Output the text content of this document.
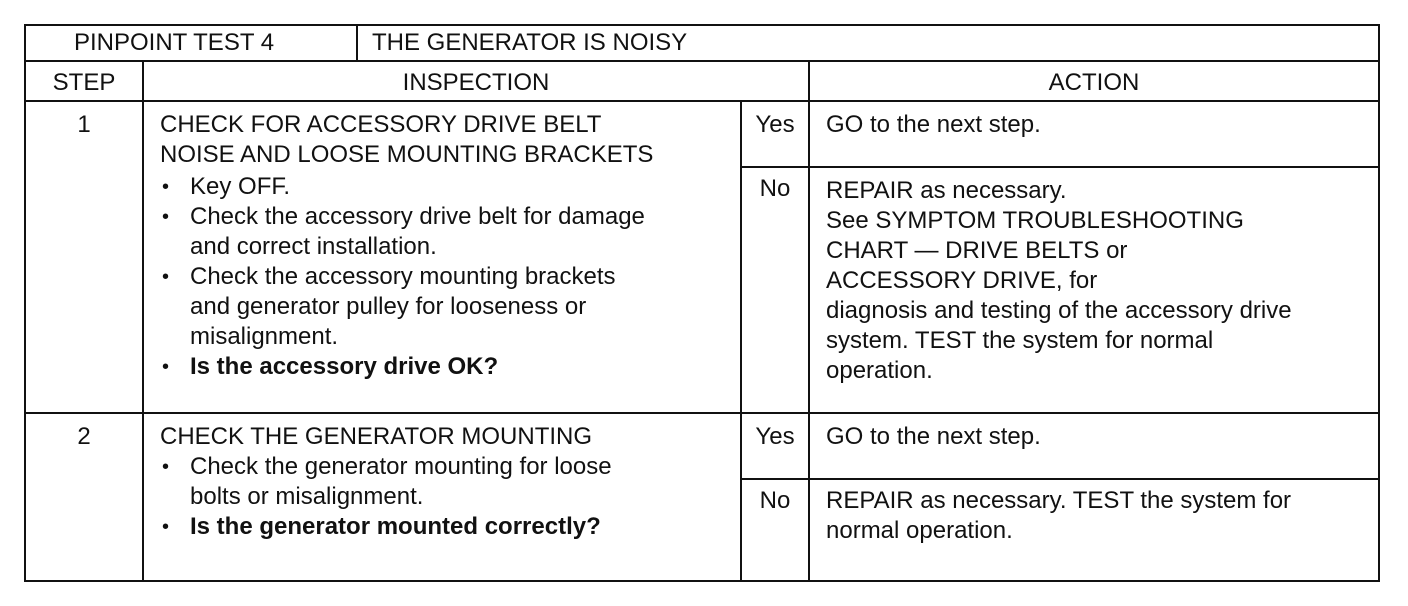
PINPOINT TEST 4	THE GENERATOR IS NOISY
STEP	INSPECTION	ACTION
1	CHECK FOR ACCESSORY DRIVE BELT
NOISE AND LOOSE MOUNTING BRACKETS
• Key OFF.
• Check the accessory drive belt for damage
and correct installation.
• Check the accessory mounting brackets
and generator pulley for looseness or
misalignment.
• Is the accessory drive OK?
Yes	GO to the next step.
No	REPAIR as necessary.
See SYMPTOM TROUBLESHOOTING
CHART — DRIVE BELTS or
ACCESSORY DRIVE, for
diagnosis and testing of the accessory drive
system. TEST the system for normal
operation.
2	CHECK THE GENERATOR MOUNTING
• Check the generator mounting for loose
bolts or misalignment.
• Is the generator mounted correctly?
Yes	GO to the next step.
No	REPAIR as necessary. TEST the system for
normal operation.
